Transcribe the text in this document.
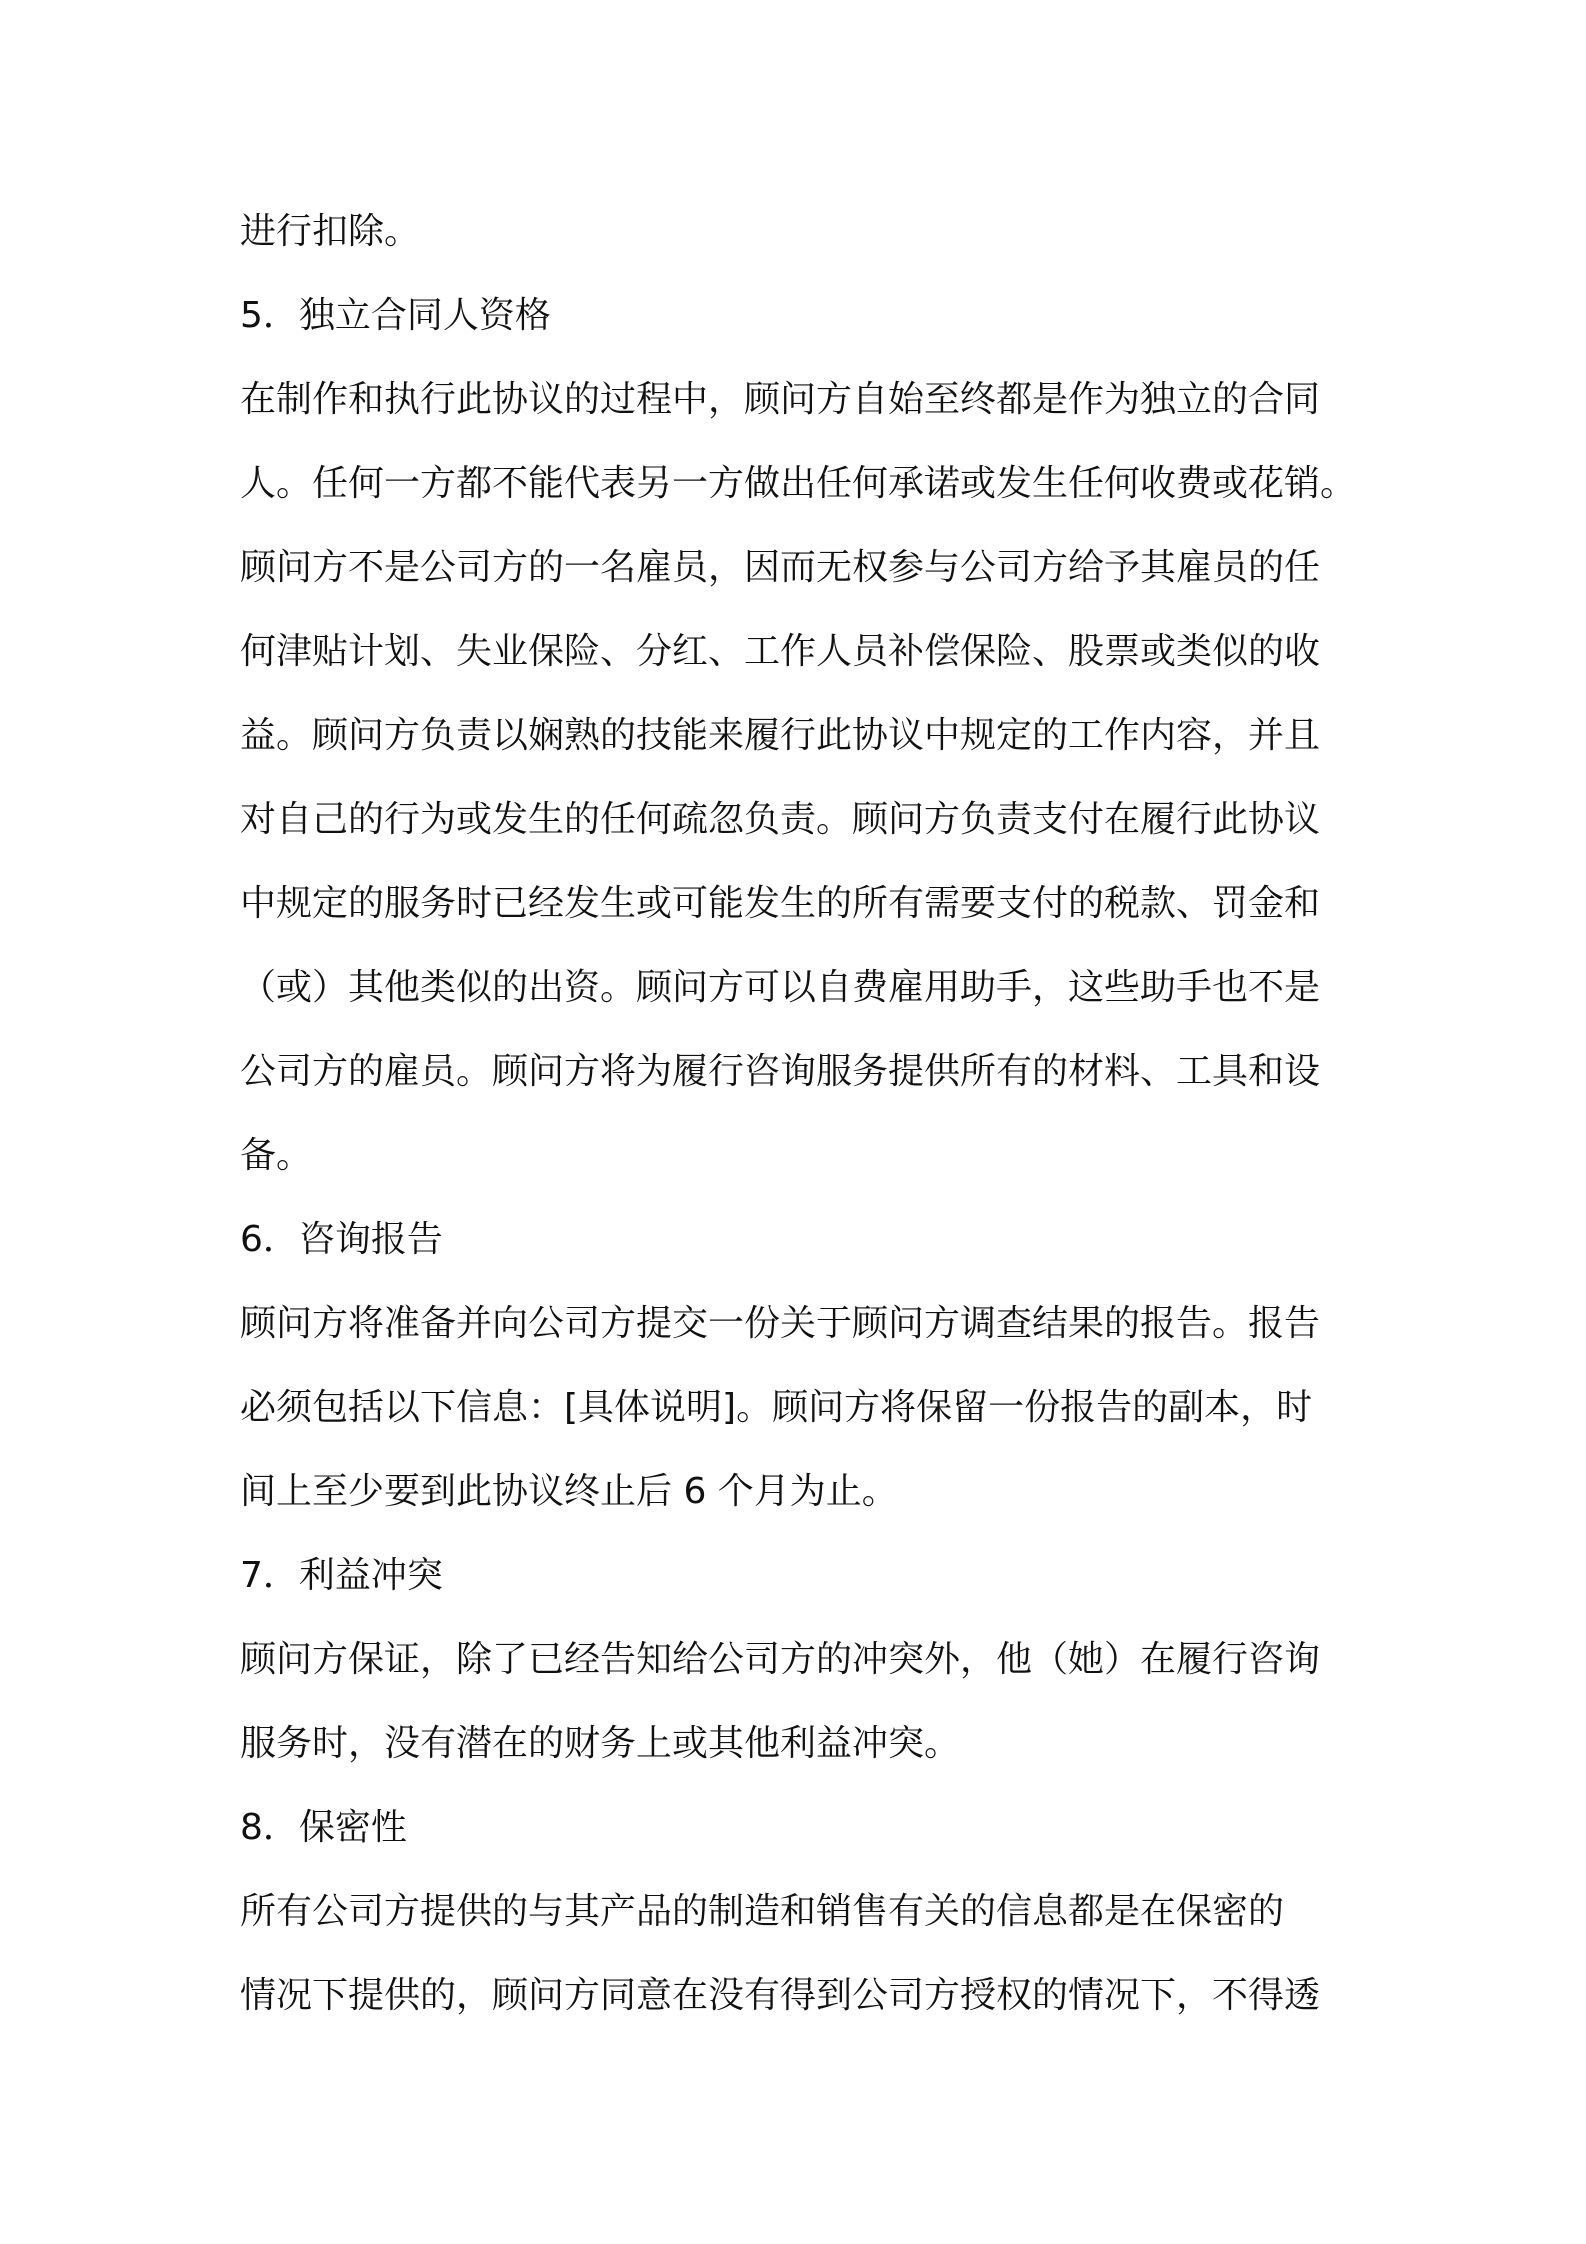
进行扣除。
5．独立合同人资格
在制作和执行此协议的过程中，顾问方自始至终都是作为独立的合同
人。任何一方都不能代表另一方做出任何承诺或发生任何收费或花销。
顾问方不是公司方的一名雇员，因而无权参与公司方给予其雇员的任
何津贴计划、失业保险、分红、工作人员补偿保险、股票或类似的收
益。顾问方负责以娴熟的技能来履行此协议中规定的工作内容，并且
对自己的行为或发生的任何疏忽负责。顾问方负责支付在履行此协议
中规定的服务时已经发生或可能发生的所有需要支付的税款、罚金和
（或）其他类似的出资。顾问方可以自费雇用助手，这些助手也不是
公司方的雇员。顾问方将为履行咨询服务提供所有的材料、工具和设
备。
6．咨询报告
顾问方将准备并向公司方提交一份关于顾问方调查结果的报告。报告
必须包括以下信息：[具体说明]。顾问方将保留一份报告的副本，时
间上至少要到此协议终止后 6 个月为止。
7．利益冲突
顾问方保证，除了已经告知给公司方的冲突外，他（她）在履行咨询
服务时，没有潜在的财务上或其他利益冲突。
8．保密性
所有公司方提供的与其产品的制造和销售有关的信息都是在保密的
情况下提供的，顾问方同意在没有得到公司方授权的情况下，不得透
